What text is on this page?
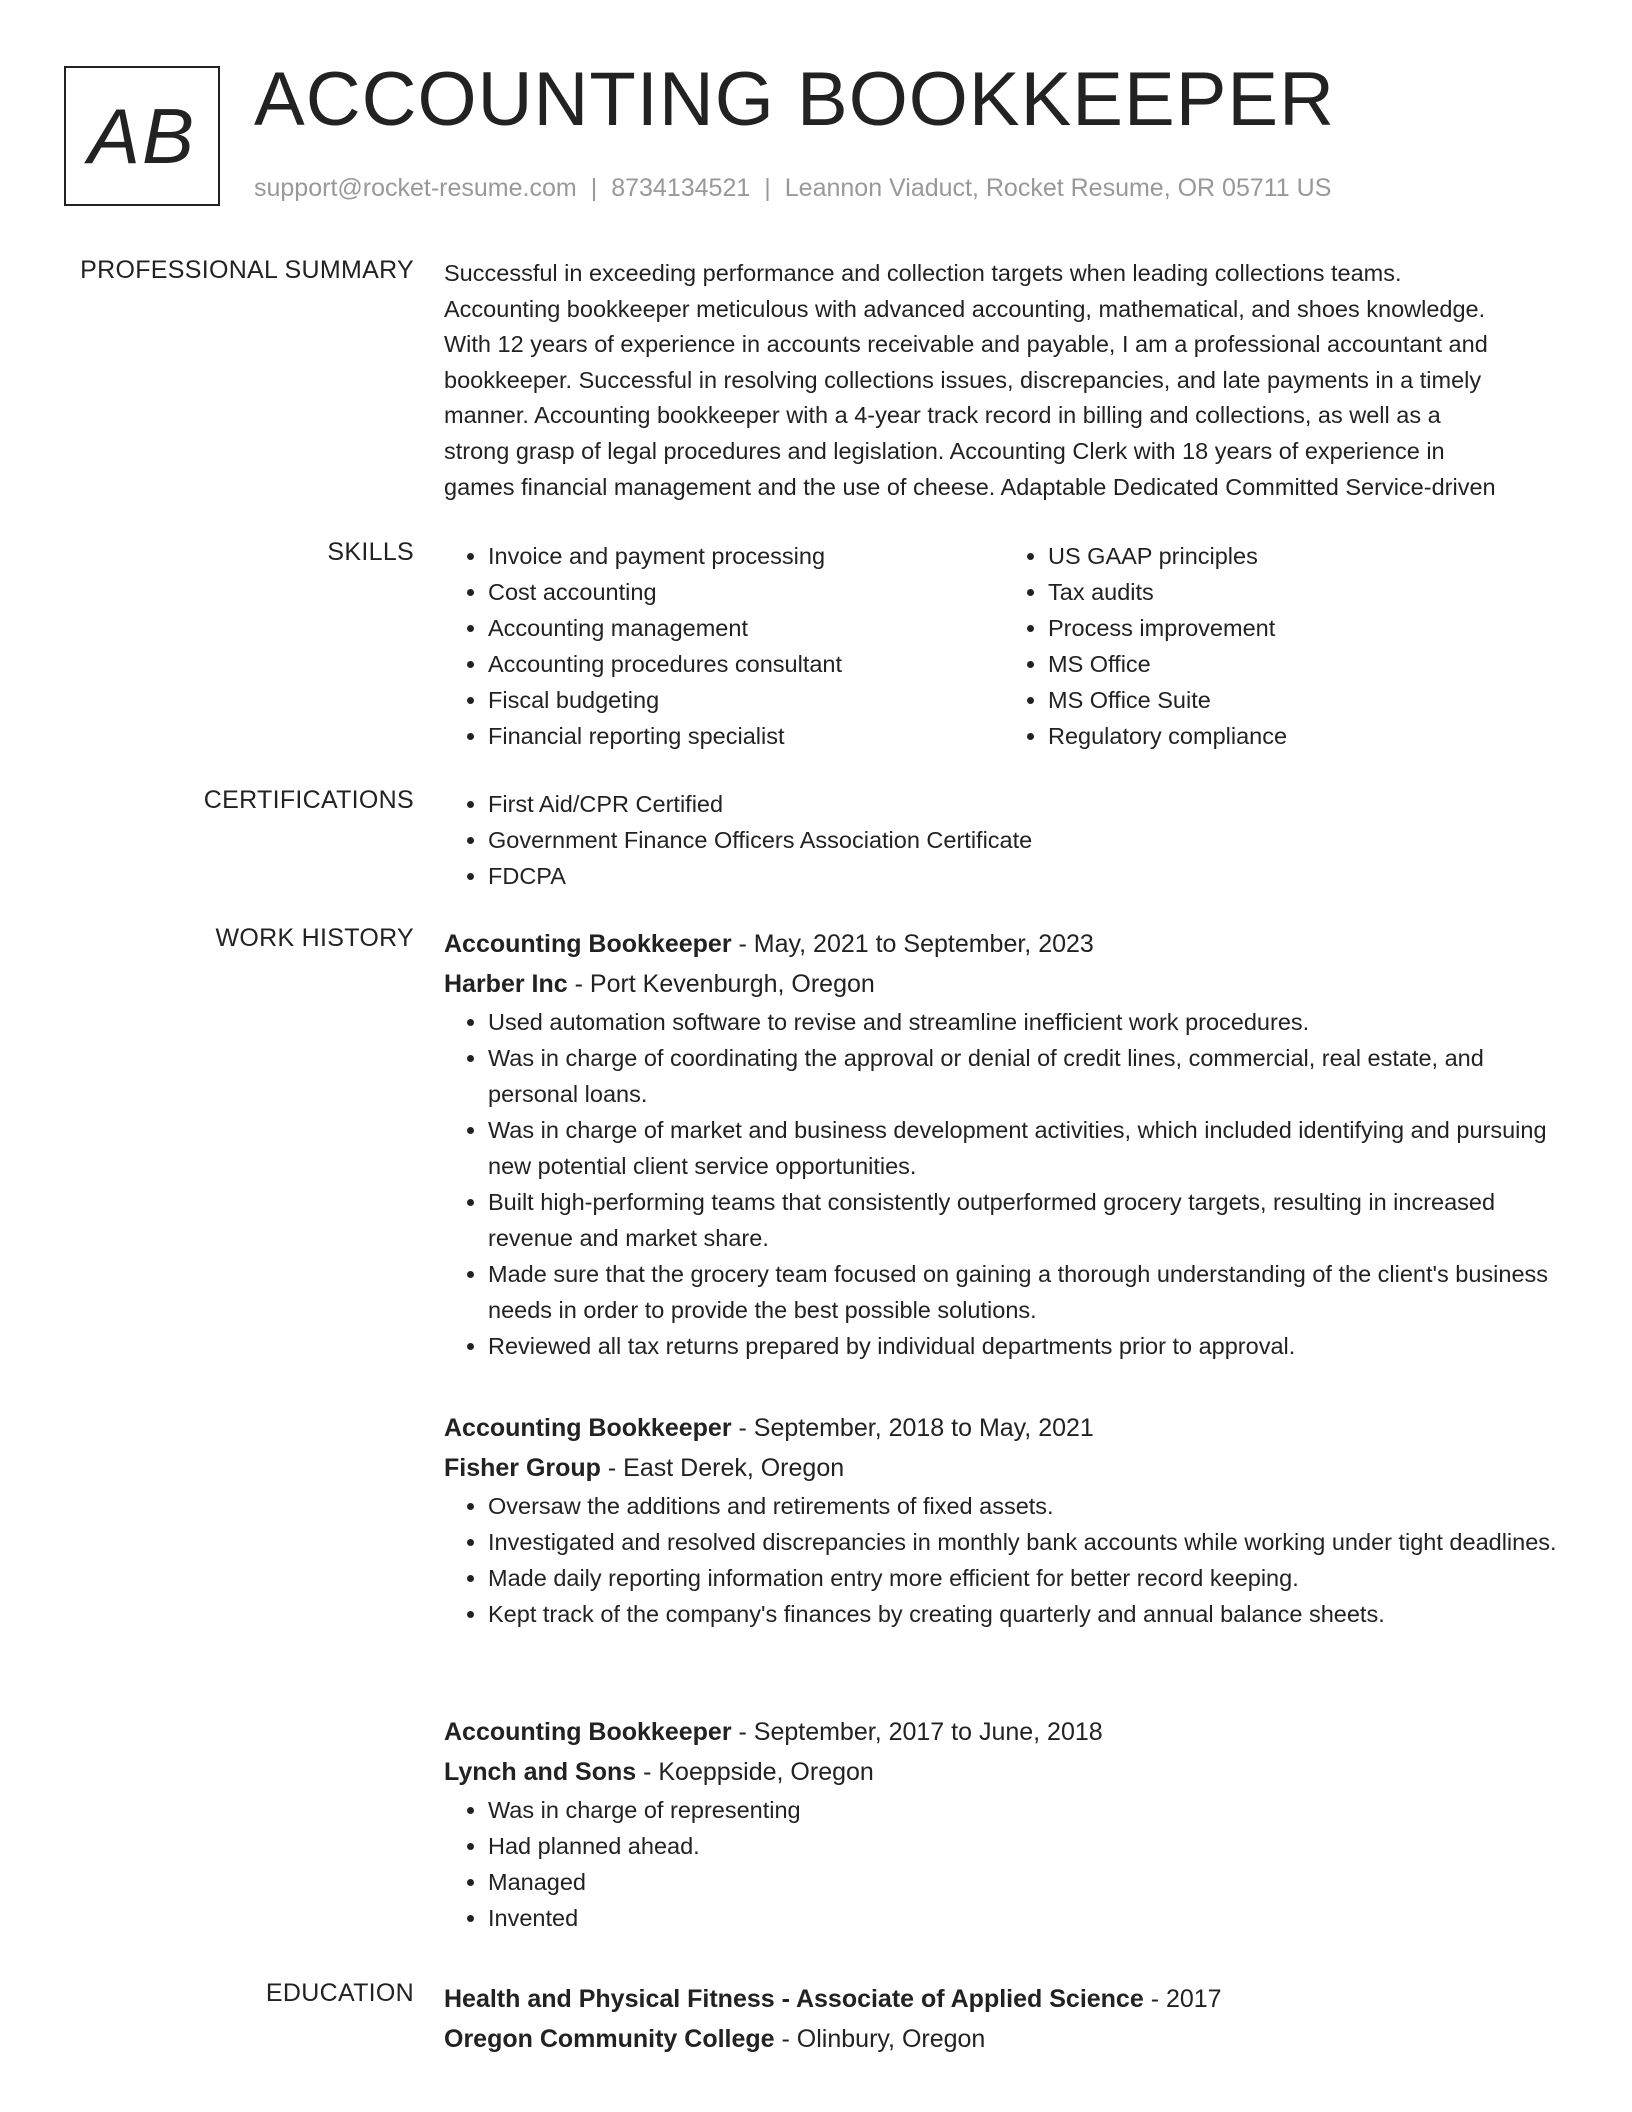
AB ACCOUNTING BOOKKEEPER
support@rocket-resume.com | 8734134521 | Leannon Viaduct, Rocket Resume, OR 05711 US
PROFESSIONAL SUMMARY Successful in exceeding performance and collection targets when leading collections teams.
Accounting bookkeeper meticulous with advanced accounting, mathematical, and shoes knowledge.
With 12 years of experience in accounts receivable and payable, I am a professional accountant and
bookkeeper. Successful in resolving collections issues, discrepancies, and late payments in a timely
manner. Accounting bookkeeper with a 4-year track record in billing and collections, as well as a
strong grasp of legal procedures and legislation. Accounting Clerk with 18 years of experience in
games financial management and the use of cheese. Adaptable Dedicated Committed Service-driven
SKILLS	• Invoice and payment processing
• Cost accounting
• Accounting management
• Accounting procedures consultant
• Fiscal budgeting
• Financial reporting specialist
• US GAAP principles
• Tax audits
• Process improvement
• MS Office
• MS Office Suite
• Regulatory compliance
CERTIFICATIONS	• First Aid/CPR Certified
• Government Finance Officers Association Certificate
• FDCPA
WORK HISTORY Accounting Bookkeeper - May, 2021 to September, 2023
Harber Inc - Port Kevenburgh, Oregon
• Used automation software to revise and streamline inefficient work procedures.
• Was in charge of coordinating the approval or denial of credit lines, commercial, real estate, and personal loans.
• Was in charge of market and business development activities, which included identifying and pursuing new potential client service opportunities.
• Built high-performing teams that consistently outperformed grocery targets, resulting in increased revenue and market share.
• Made sure that the grocery team focused on gaining a thorough understanding of the client's business needs in order to provide the best possible solutions.
• Reviewed all tax returns prepared by individual departments prior to approval.
Accounting Bookkeeper - September, 2018 to May, 2021
Fisher Group - East Derek, Oregon
• Oversaw the additions and retirements of fixed assets.
• Investigated and resolved discrepancies in monthly bank accounts while working under tight deadlines.
• Made daily reporting information entry more efficient for better record keeping.
• Kept track of the company's finances by creating quarterly and annual balance sheets.
Accounting Bookkeeper - September, 2017 to June, 2018
Lynch and Sons - Koeppside, Oregon
• Was in charge of representing
• Had planned ahead.
• Managed
• Invented
EDUCATION Health and Physical Fitness - Associate of Applied Science - 2017
Oregon Community College - Olinbury, Oregon
